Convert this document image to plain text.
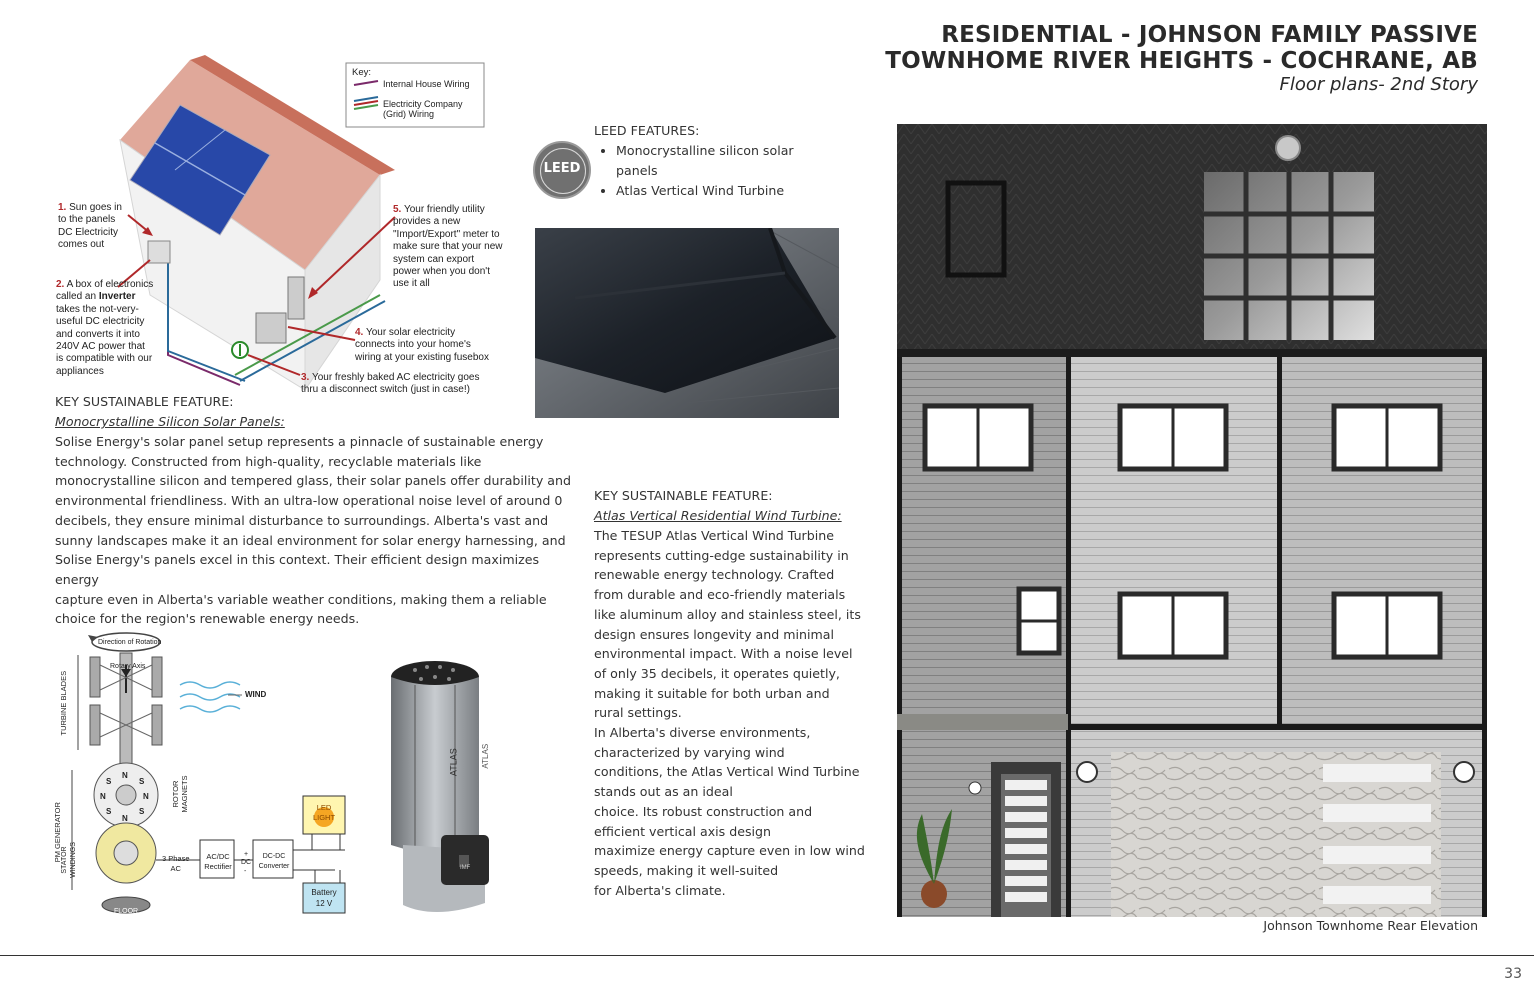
RESIDENTIAL - JOHNSON FAMILY PASSIVE
TOWNHOME RIVER HEIGHTS - COCHRANE, AB
Floor plans- 2nd Story
Key:
Internal House Wiring
Electricity Company
(Grid) Wiring
1. Sun goes in
to the panels
DC Electricity
comes out
2. A box of electronics
called an Inverter
takes the not-very-
useful DC electricity
and converts it into
240V AC power that
is compatible with our
appliances
5. Your friendly utility
provides a new
"Import/Export" meter to
make sure that your new
system can export
power when you don't
use it all
4. Your solar electricity
connects into your home's
wiring at your existing fusebox
3. Your freshly baked AC electricity goes
thru a disconnect switch (just in case!)
LEED
LEED FEATURES:
• Monocrystalline silicon solar panels
• Atlas Vertical Wind Turbine
KEY SUSTAINABLE FEATURE:
Monocrystalline Silicon Solar Panels:
Solise Energy's solar panel setup represents a pinnacle of sustainable energy
technology. Constructed from high-quality, recyclable materials like
monocrystalline silicon and tempered glass, their solar panels offer durability and
environmental friendliness. With an ultra-low operational noise level of around 0
decibels, they ensure minimal disturbance to surroundings. Alberta's vast and
sunny landscapes make it an ideal environment for solar energy harnessing, and
Solise Energy's panels excel in this context. Their efficient design maximizes energy
capture even in Alberta's variable weather conditions, making them a reliable
choice for the region's renewable energy needs.
KEY SUSTAINABLE FEATURE:
Atlas Vertical Residential Wind Turbine:
The TESUP Atlas Vertical Wind Turbine
represents cutting-edge sustainability in
renewable energy technology. Crafted
from durable and eco-friendly materials
like aluminum alloy and stainless steel, its
design ensures longevity and minimal
environmental impact. With a noise level
of only 35 decibels, it operates quietly,
making it suitable for both urban and
rural settings.
In Alberta's diverse environments,
characterized by varying wind
conditions, the Atlas Vertical Wind Turbine
stands out as an ideal
choice. Its robust construction and
efficient vertical axis design
maximize energy capture even in low wind
speeds, making it well-suited
for Alberta's climate.
Direction of Rotation
Rotary Axis
WIND
TURBINE BLADES
ROTOR MAGNETS
PM GENERATOR STATOR WINDINGS
N
N
N	N
S	S
S	S
3 Phase
AC
AC/DC
Rectifier	DC
DC-DC
Converter
+
-
LED
LIGHT
Battery
12 V
FLOOR
ATLAS	ATLAS
IMF
Johnson Townhome Rear Elevation
33
